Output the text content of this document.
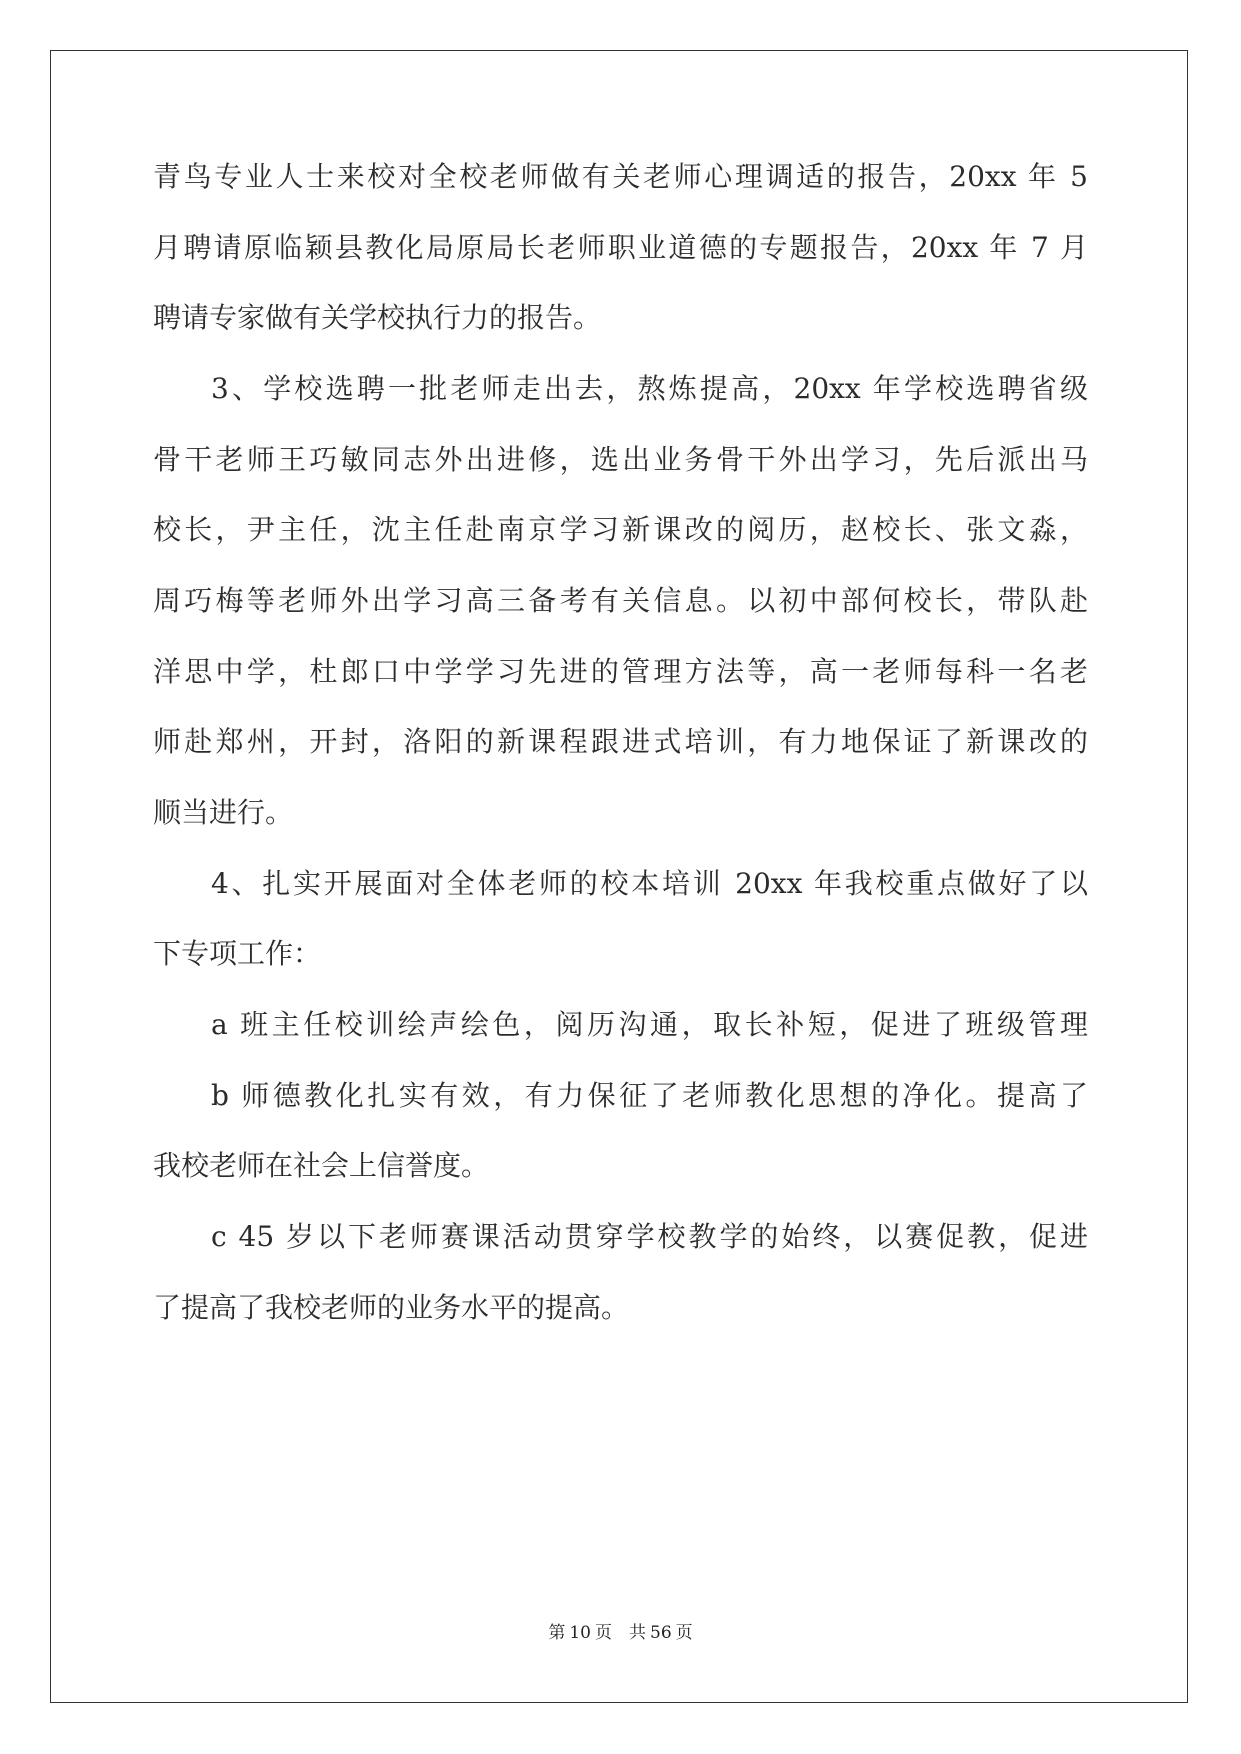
青鸟专业人士来校对全校老师做有关老师心理调适的报告，20xx 年 5

月聘请原临颖县教化局原局长老师职业道德的专题报告，20xx 年 7 月

聘请专家做有关学校执行力的报告。

3、学校选聘一批老师走出去，熬炼提高，20xx 年学校选聘省级

骨干老师王巧敏同志外出进修，选出业务骨干外出学习，先后派出马

校长，尹主任，沈主任赴南京学习新课改的阅历，赵校长、张文淼，

周巧梅等老师外出学习高三备考有关信息。以初中部何校长，带队赴

洋思中学，杜郎口中学学习先进的管理方法等，高一老师每科一名老

师赴郑州，开封，洛阳的新课程跟进式培训，有力地保证了新课改的

顺当进行。

4、扎实开展面对全体老师的校本培训 20xx 年我校重点做好了以

下专项工作：

a 班主任校训绘声绘色，阅历沟通，取长补短，促进了班级管理

b 师德教化扎实有效，有力保征了老师教化思想的净化。提高了

我校老师在社会上信誉度。

c 45 岁以下老师赛课活动贯穿学校教学的始终，以赛促教，促进

了提高了我校老师的业务水平的提高。

第 10 页　共 56 页
